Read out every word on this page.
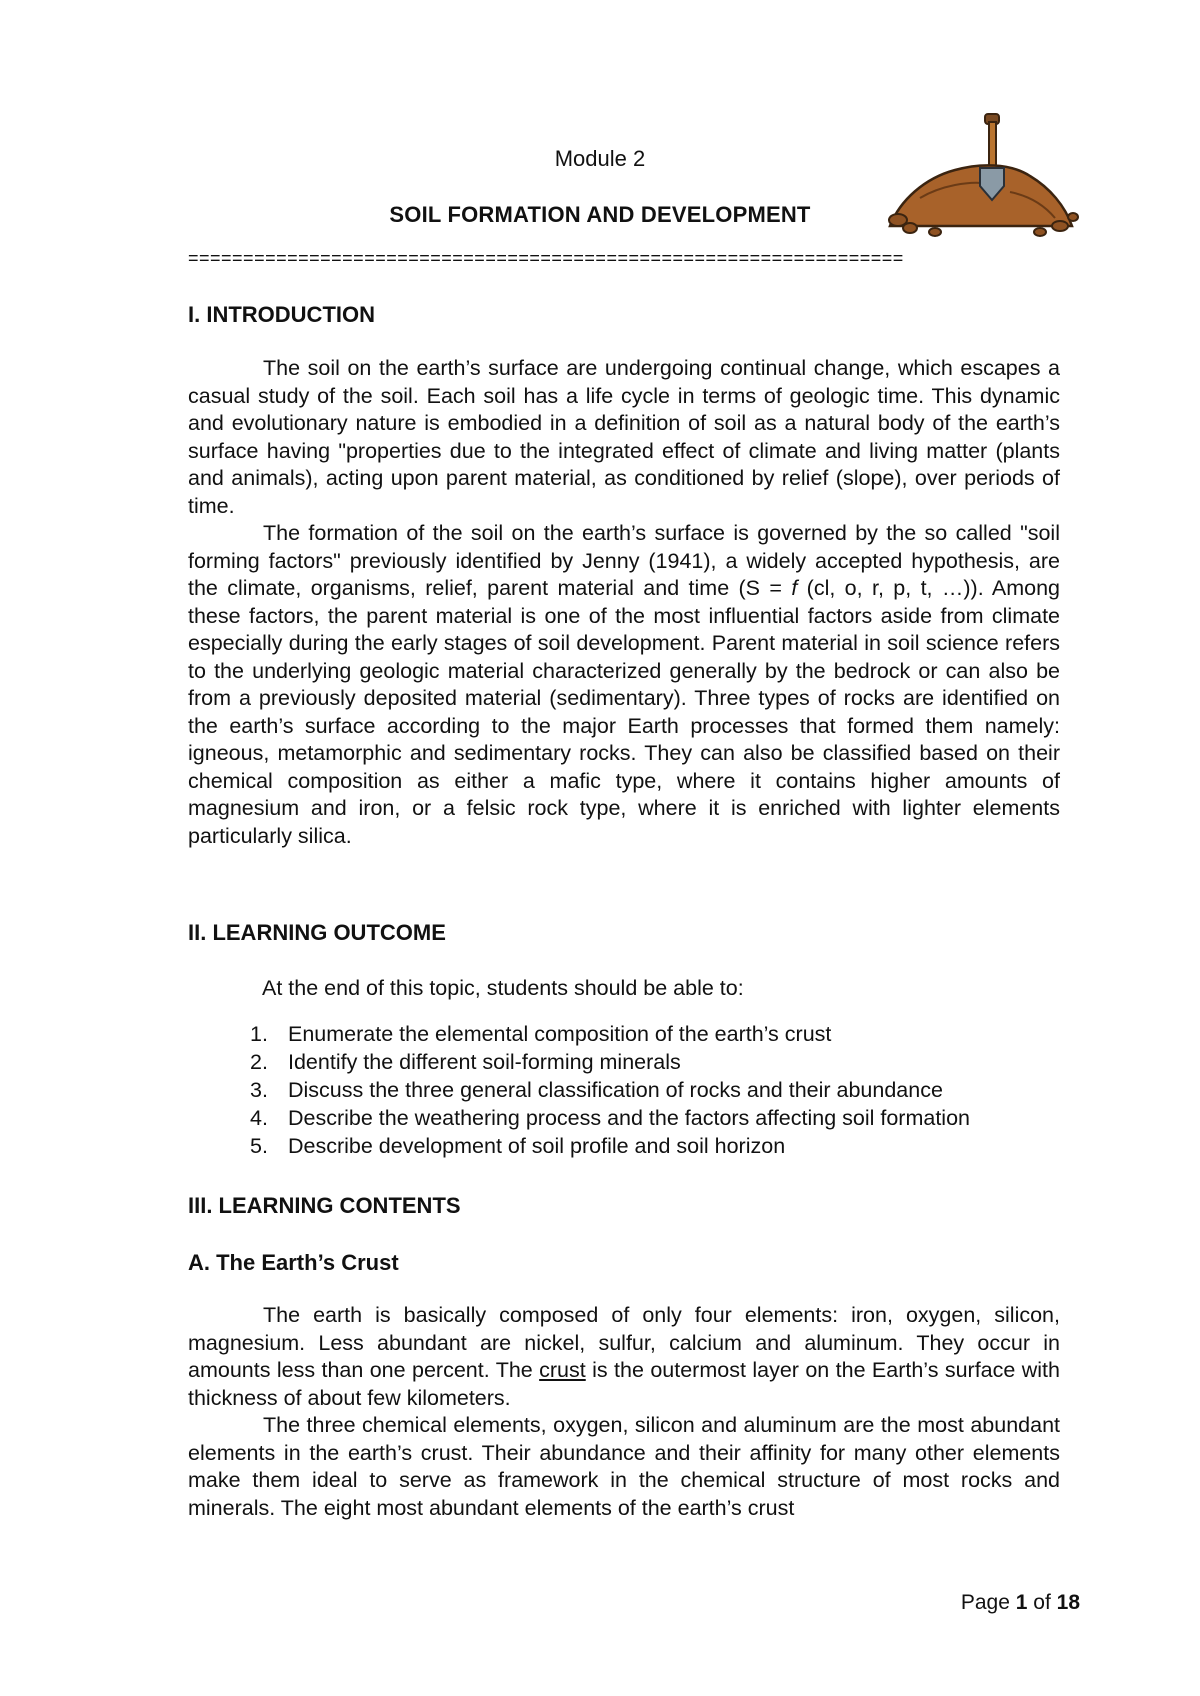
Module 2
SOIL FORMATION AND DEVELOPMENT
=================================================================
I. INTRODUCTION

The soil on the earth’s surface are undergoing continual change, which escapes a casual study of the soil. Each soil has a life cycle in terms of geologic time. This dynamic and evolutionary nature is embodied in a definition of soil as a natural body of the earth’s surface having "properties due to the integrated effect of climate and living matter (plants and animals), acting upon parent material, as conditioned by relief (slope), over periods of time.

The formation of the soil on the earth’s surface is governed by the so called "soil forming factors" previously identified by Jenny (1941), a widely accepted hypothesis, are the climate, organisms, relief, parent material and time (S = f (cl, o, r, p, t, …)). Among these factors, the parent material is one of the most influential factors aside from climate especially during the early stages of soil development. Parent material in soil science refers to the underlying geologic material characterized generally by the bedrock or can also be from a previously deposited material (sedimentary). Three types of rocks are identified on the earth’s surface according to the major Earth processes that formed them namely: igneous, metamorphic and sedimentary rocks. They can also be classified based on their chemical composition as either a mafic type, where it contains higher amounts of magnesium and iron, or a felsic rock type, where it is enriched with lighter elements particularly silica.

II. LEARNING OUTCOME
At the end of this topic, students should be able to:
1. Enumerate the elemental composition of the earth’s crust
2. Identify the different soil-forming minerals
3. Discuss the three general classification of rocks and their abundance
4. Describe the weathering process and the factors affecting soil formation
5. Describe development of soil profile and soil horizon
III. LEARNING CONTENTS
A. The Earth’s Crust

The earth is basically composed of only four elements: iron, oxygen, silicon, magnesium. Less abundant are nickel, sulfur, calcium and aluminum. They occur in amounts less than one percent. The crust is the outermost layer on the Earth’s surface with thickness of about few kilometers.

The three chemical elements, oxygen, silicon and aluminum are the most abundant elements in the earth’s crust. Their abundance and their affinity for many other elements make them ideal to serve as framework in the chemical structure of most rocks and minerals. The eight most abundant elements of the earth’s crust

Page 1 of 18
